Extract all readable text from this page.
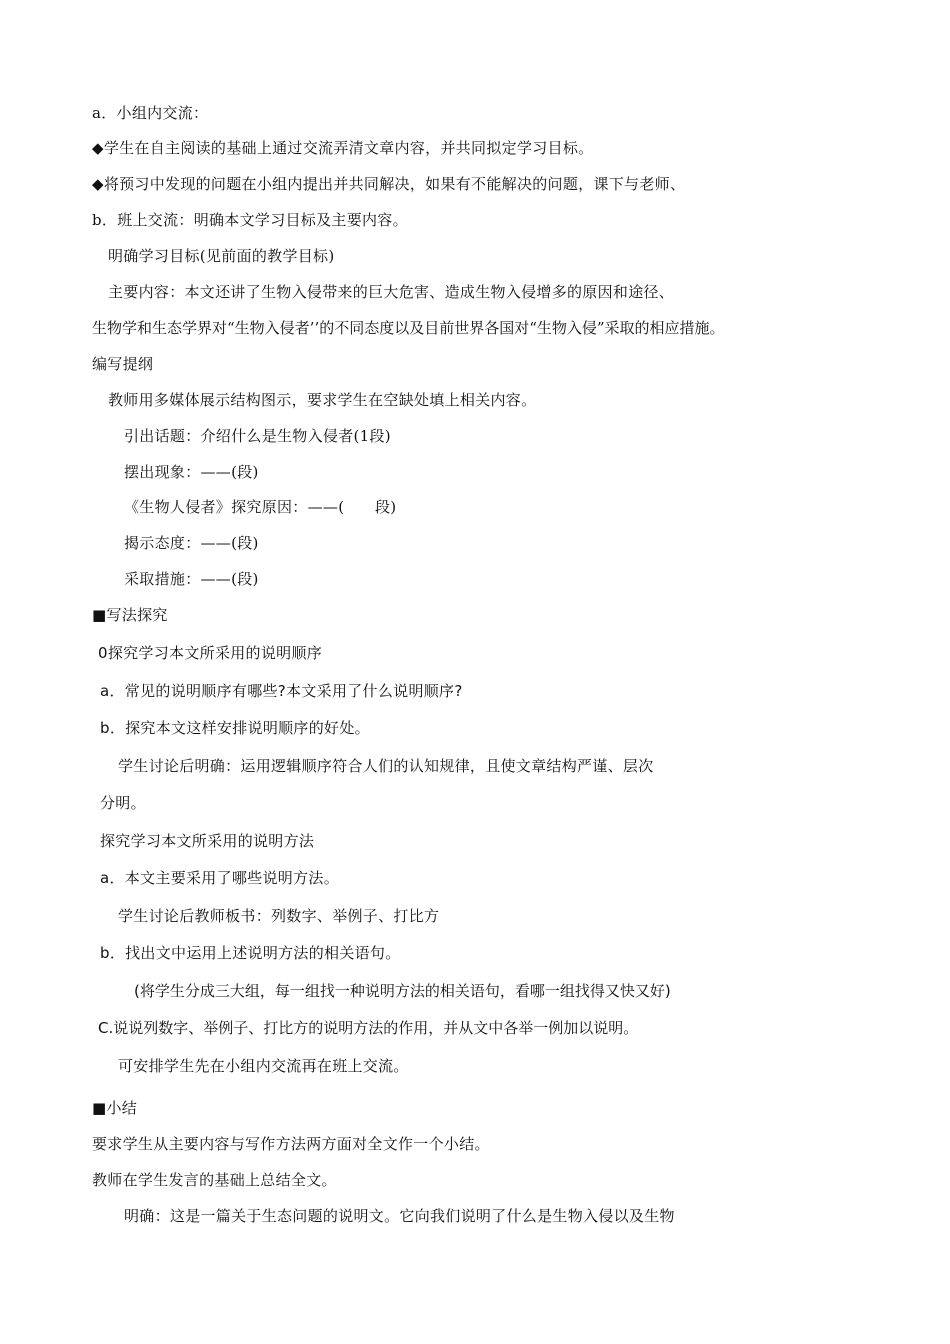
a．小组内交流：
◆学生在自主阅读的基础上通过交流弄清文章内容，并共同拟定学习目标。
◆将预习中发现的问题在小组内提出并共同解决，如果有不能解决的问题，课下与老师、
b．班上交流：明确本文学习目标及主要内容。
明确学习目标(见前面的教学目标)
主要内容：本文还讲了生物入侵带来的巨大危害、造成生物入侵增多的原因和途径、
生物学和生态学界对“生物入侵者’’的不同态度以及目前世界各国对“生物入侵”采取的相应措施。
编写提纲
教师用多媒体展示结构图示，要求学生在空缺处填上相关内容。
引出话题：介绍什么是生物入侵者(1段)
摆出现象：——(段)
《生物人侵者》探究原因：——(　　段)
揭示态度：——(段)
采取措施：——(段)
■写法探究
0探究学习本文所采用的说明顺序
a．常见的说明顺序有哪些?本文采用了什么说明顺序?
b．探究本文这样安排说明顺序的好处。
学生讨论后明确：运用逻辑顺序符合人们的认知规律，且使文章结构严谨、层次
分明。
探究学习本文所采用的说明方法
a．本文主要采用了哪些说明方法。
学生讨论后教师板书：列数字、举例子、打比方
b．找出文中运用上述说明方法的相关语句。
(将学生分成三大组，每一组找一种说明方法的相关语句，看哪一组找得又快又好)
C.说说列数字、举例子、打比方的说明方法的作用，并从文中各举一例加以说明。
可安排学生先在小组内交流再在班上交流。
■小结
要求学生从主要内容与写作方法两方面对全文作一个小结。
教师在学生发言的基础上总结全文。
明确：这是一篇关于生态问题的说明文。它向我们说明了什么是生物入侵以及生物
